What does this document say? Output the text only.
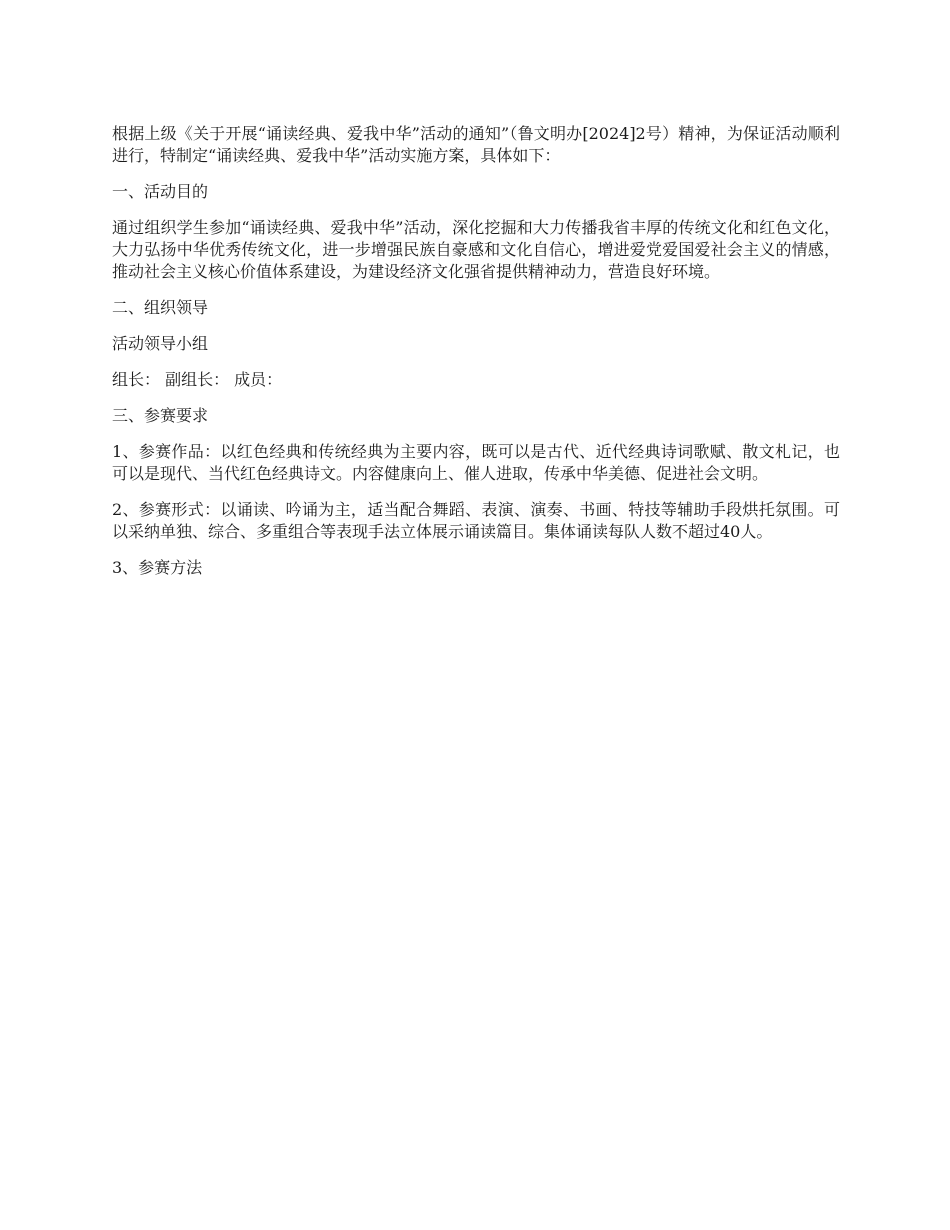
根据上级《关于开展“诵读经典、爱我中华”活动的通知”（鲁文明办[2024]2号）精神，为保证活动顺利进行，特制定“诵读经典、爱我中华”活动实施方案，具体如下：

一、活动目的

通过组织学生参加“诵读经典、爱我中华”活动，深化挖掘和大力传播我省丰厚的传统文化和红色文化，大力弘扬中华优秀传统文化，进一步增强民族自豪感和文化自信心，增进爱党爱国爱社会主义的情感，推动社会主义核心价值体系建设，为建设经济文化强省提供精神动力，营造良好环境。

二、组织领导

活动领导小组

组长： 副组长： 成员：

三、参赛要求

1、参赛作品：以红色经典和传统经典为主要内容，既可以是古代、近代经典诗词歌赋、散文札记，也可以是现代、当代红色经典诗文。内容健康向上、催人进取，传承中华美德、促进社会文明。

2、参赛形式：以诵读、吟诵为主，适当配合舞蹈、表演、演奏、书画、特技等辅助手段烘托氛围。可以采纳单独、综合、多重组合等表现手法立体展示诵读篇目。集体诵读每队人数不超过40人。

3、参赛方法
